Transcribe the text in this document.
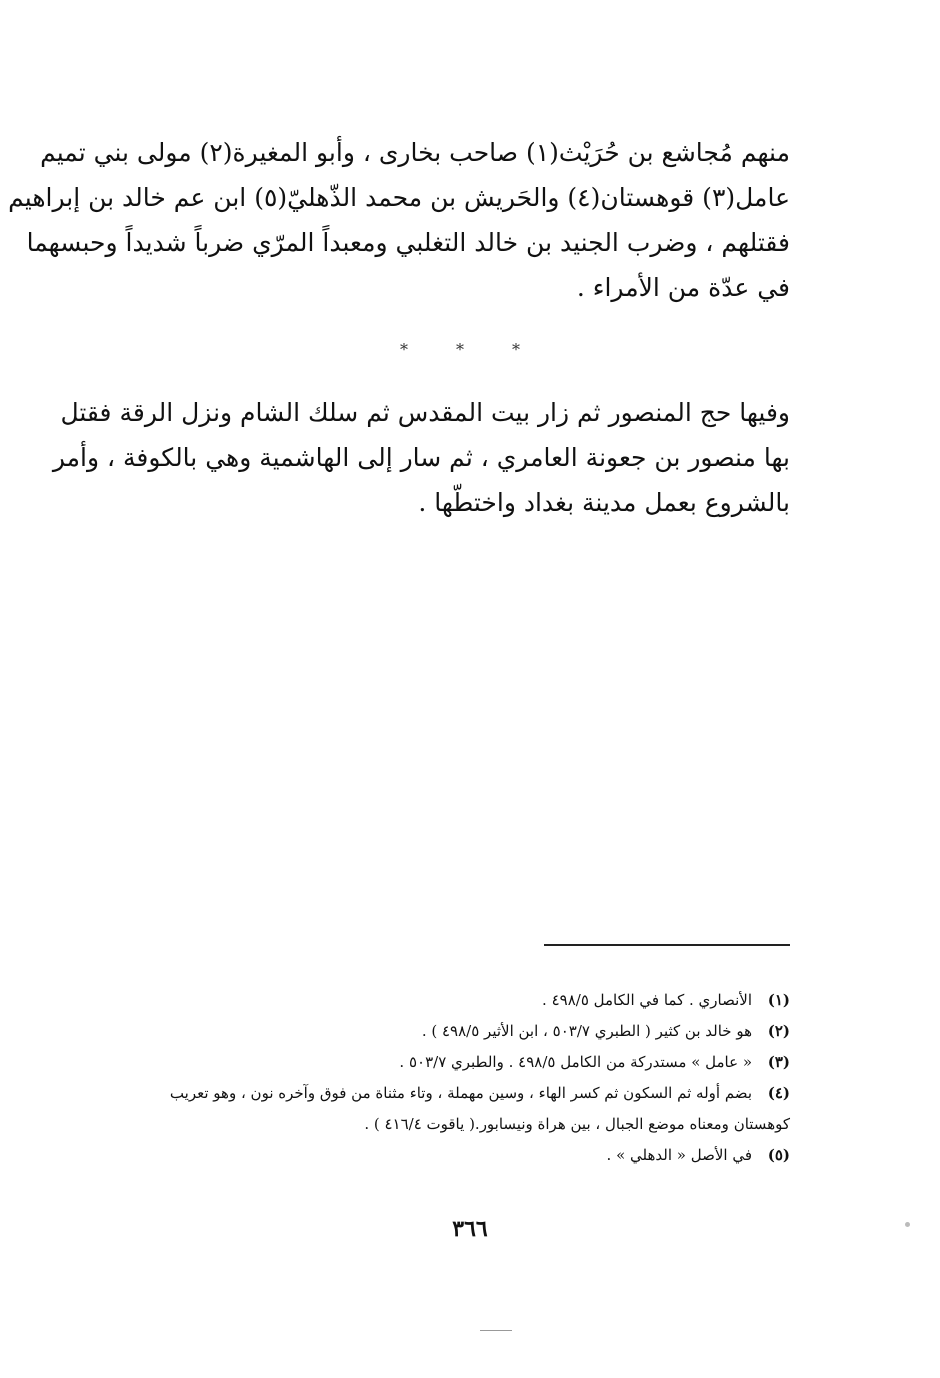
منهم مُجاشع بن حُرَيْث(١) صاحب بخارى ، وأبو المغيرة(٢) مولى بني تميم
عامل(٣) قوهستان(٤) والحَريش بن محمد الذّهليّ(٥) ابن عم خالد بن إبراهيم
فقتلهم ، وضرب الجنيد بن خالد التغلبي ومعبداً المرّي ضرباً شديداً وحبسهما
في عدّة من الأمراء .
*	*	*
وفيها حج المنصور ثم زار بيت المقدس ثم سلك الشام ونزل الرقة فقتل
بها منصور بن جعونة العامري ، ثم سار إلى الهاشمية وهي بالكوفة ، وأمر
بالشروع بعمل مدينة بغداد واختطّها .
(١)
الأنصاري . كما في الكامل ٤٩٨/٥ .
(٢)
هو خالد بن كثير ( الطبري ٥٠٣/٧ ، ابن الأثير ٤٩٨/٥ ) .
(٣)
« عامل » مستدركة من الكامل ٤٩٨/٥ . والطبري ٥٠٣/٧ .
(٤)
بضم أوله ثم السكون ثم كسر الهاء ، وسين مهملة ، وتاء مثناة من فوق وآخره نون ، وهو تعريب
كوهستان ومعناه موضع الجبال ، بين هراة ونيسابور.( ياقوت ٤١٦/٤ ) .
(٥)
في الأصل « الدهلي » .
٣٦٦
